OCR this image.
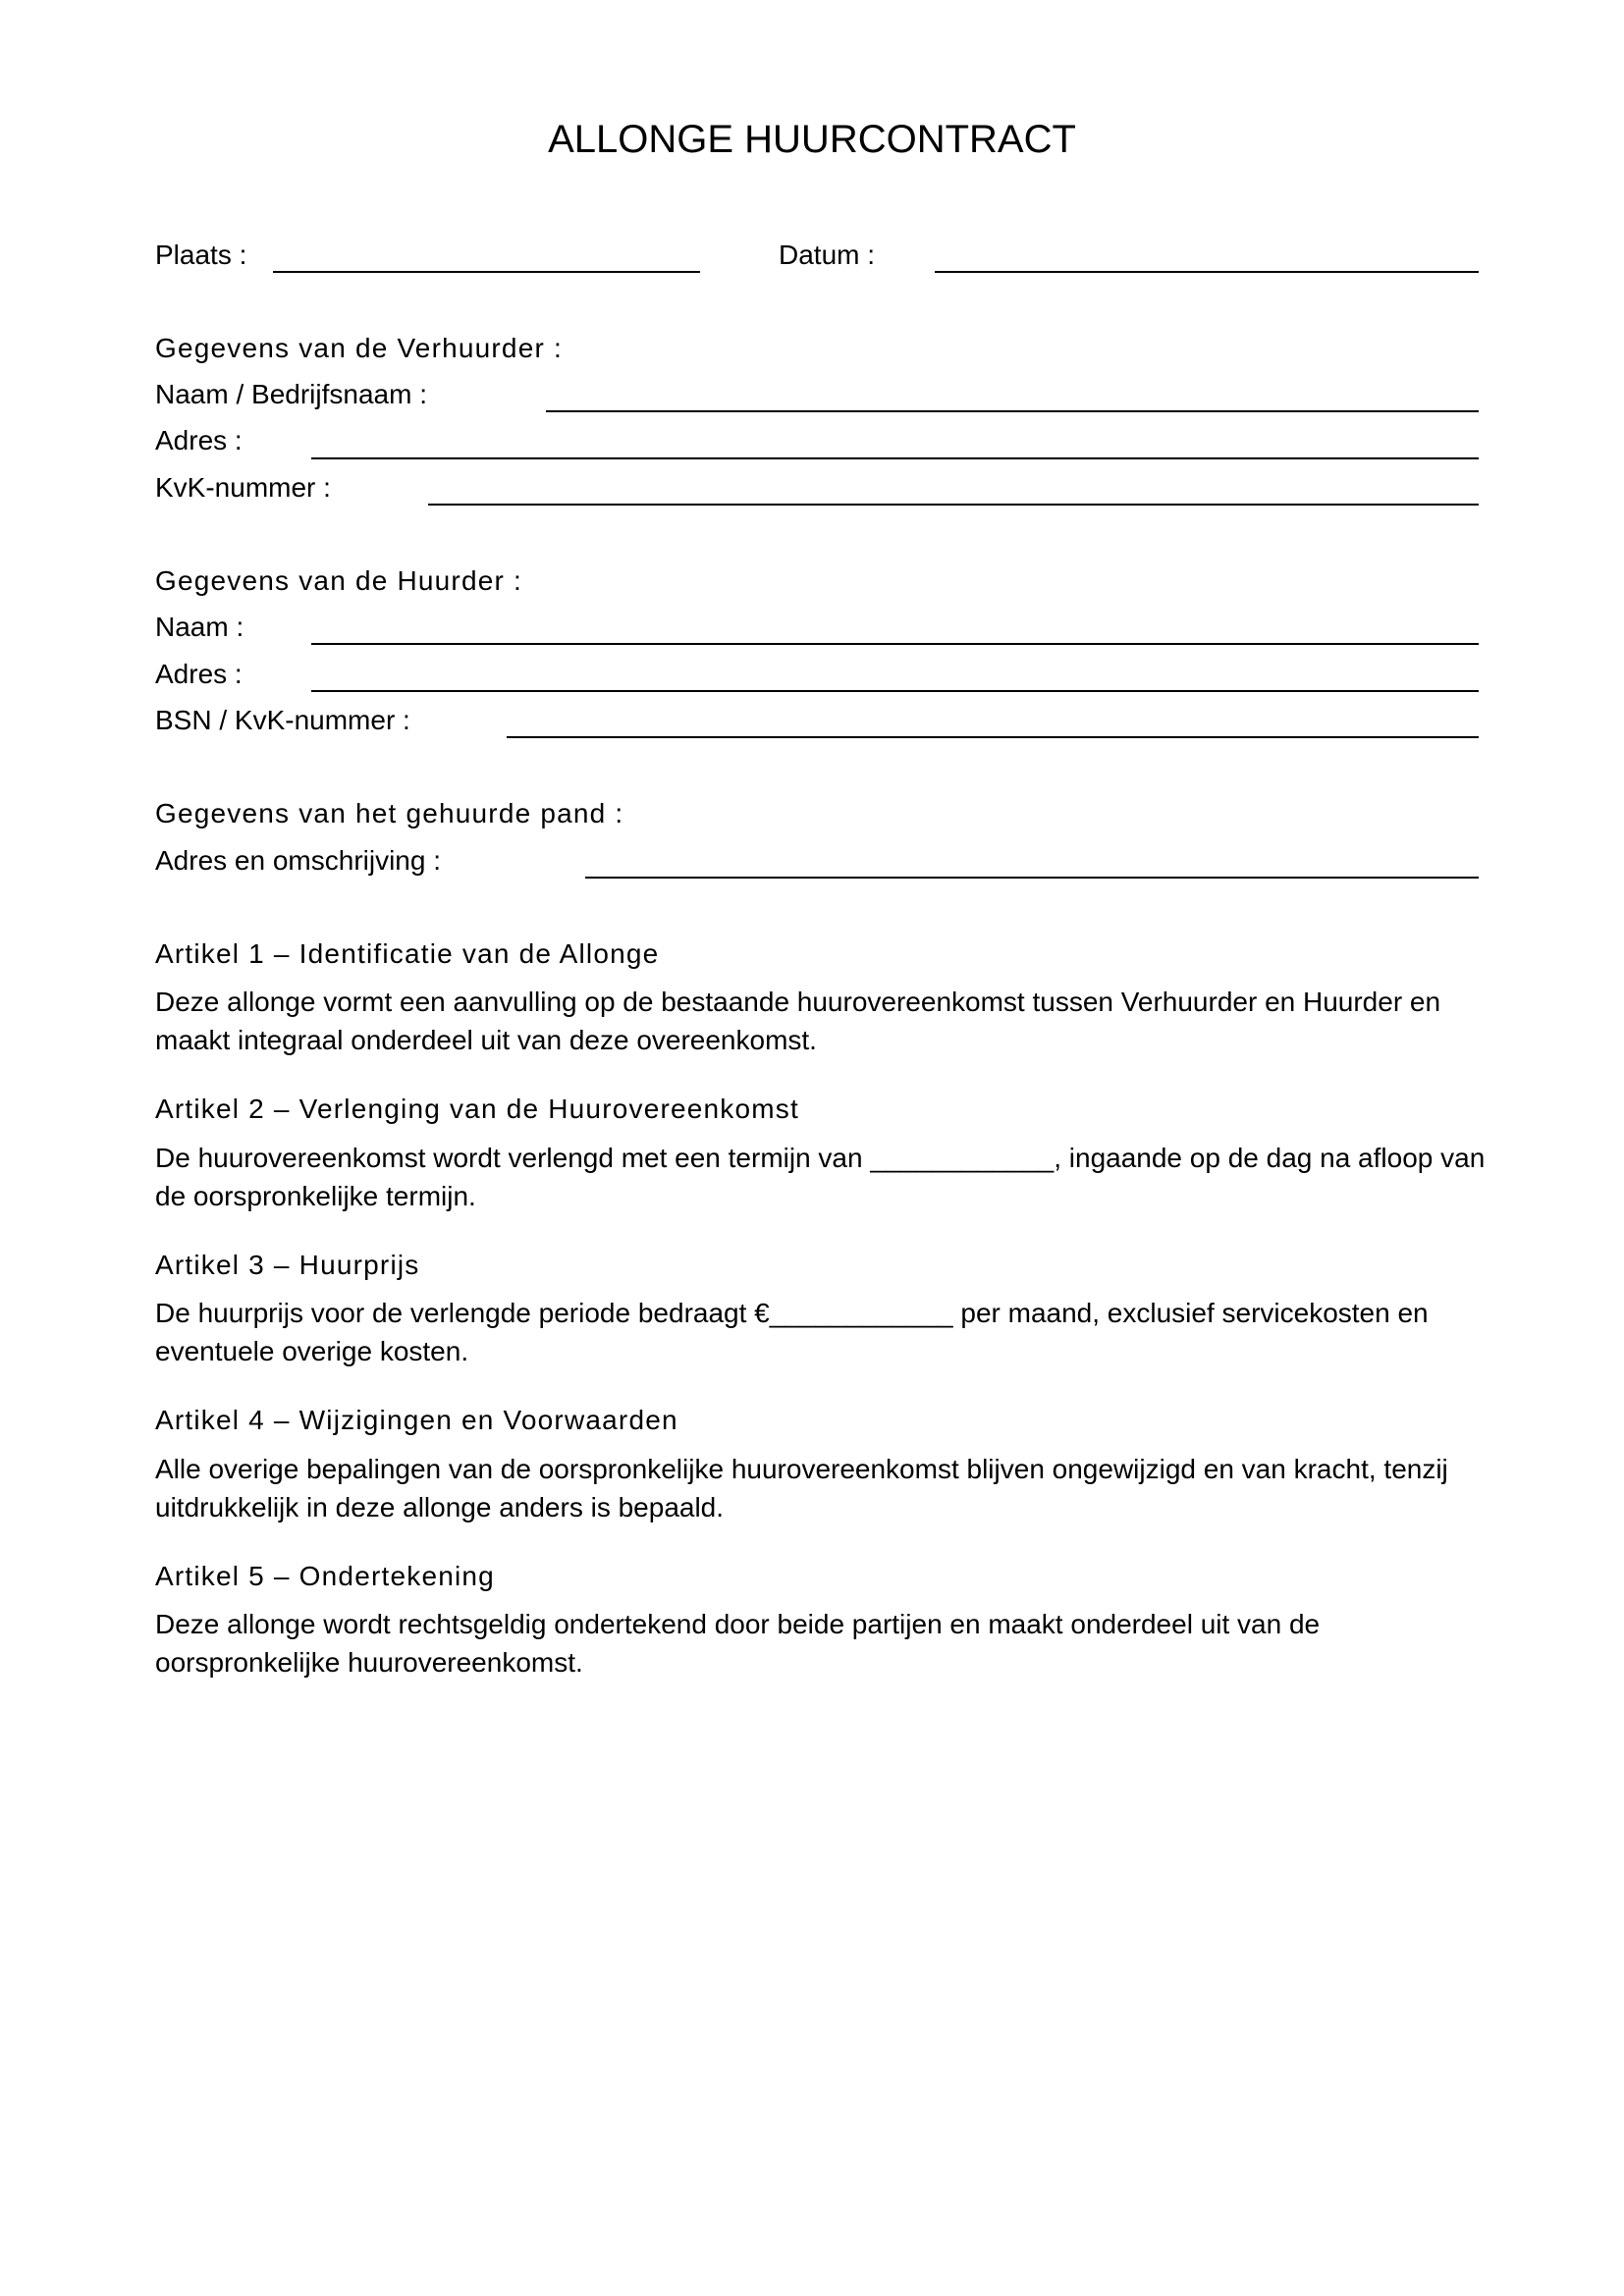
ALLONGE HUURCONTRACT
Plaats :	Datum :
Gegevens van de Verhuurder :
Naam / Bedrijfsnaam :
Adres :
KvK-nummer :
Gegevens van de Huurder :
Naam :
Adres :
BSN / KvK-nummer :
Gegevens van het gehuurde pand :
Adres en omschrijving :
Artikel 1 – Identificatie van de Allonge
Deze allonge vormt een aanvulling op de bestaande huurovereenkomst tussen Verhuurder en Huurder en maakt integraal onderdeel uit van deze overeenkomst.
Artikel 2 – Verlenging van de Huurovereenkomst
De huurovereenkomst wordt verlengd met een termijn van ____________, ingaande op de dag na afloop van de oorspronkelijke termijn.
Artikel 3 – Huurprijs
De huurprijs voor de verlengde periode bedraagt €____________ per maand, exclusief servicekosten en eventuele overige kosten.
Artikel 4 – Wijzigingen en Voorwaarden
Alle overige bepalingen van de oorspronkelijke huurovereenkomst blijven ongewijzigd en van kracht, tenzij uitdrukkelijk in deze allonge anders is bepaald.
Artikel 5 – Ondertekening
Deze allonge wordt rechtsgeldig ondertekend door beide partijen en maakt onderdeel uit van de oorspronkelijke huurovereenkomst.
